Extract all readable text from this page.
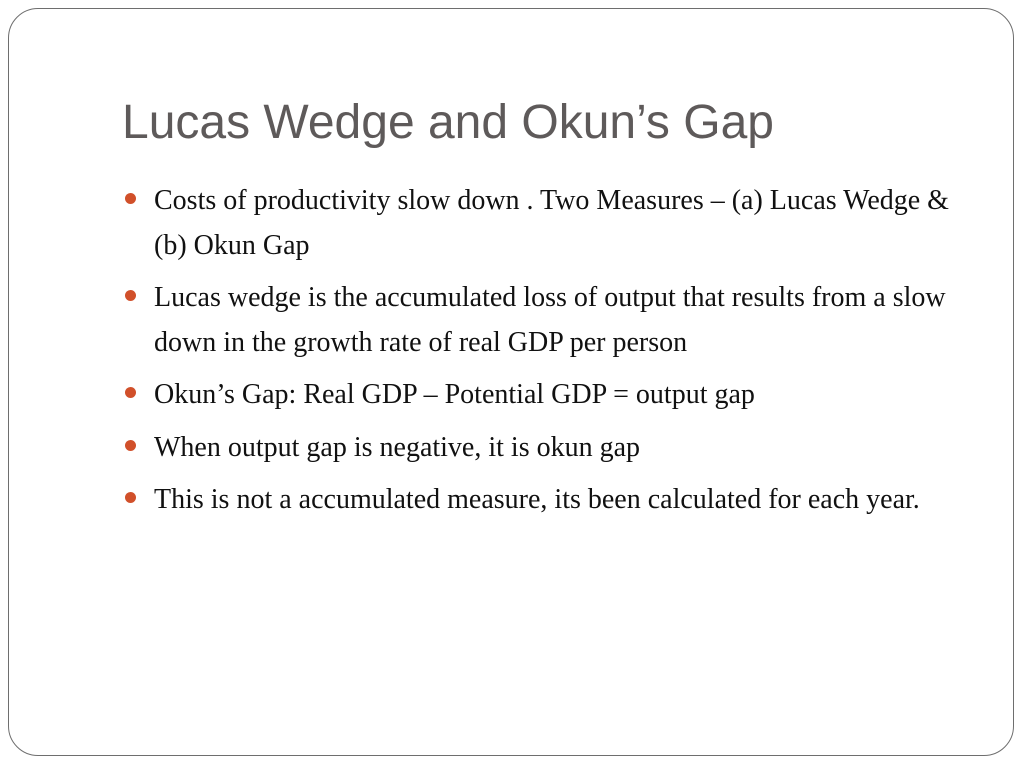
Lucas Wedge and Okun’s Gap
Costs of productivity slow down . Two Measures – (a) Lucas Wedge & (b) Okun Gap
Lucas wedge is the accumulated loss of output that results from a slow down in the growth rate of real GDP per person
Okun’s Gap: Real GDP – Potential GDP = output gap
When output gap is negative, it is okun gap
This is not a accumulated measure, its been calculated for each year.
